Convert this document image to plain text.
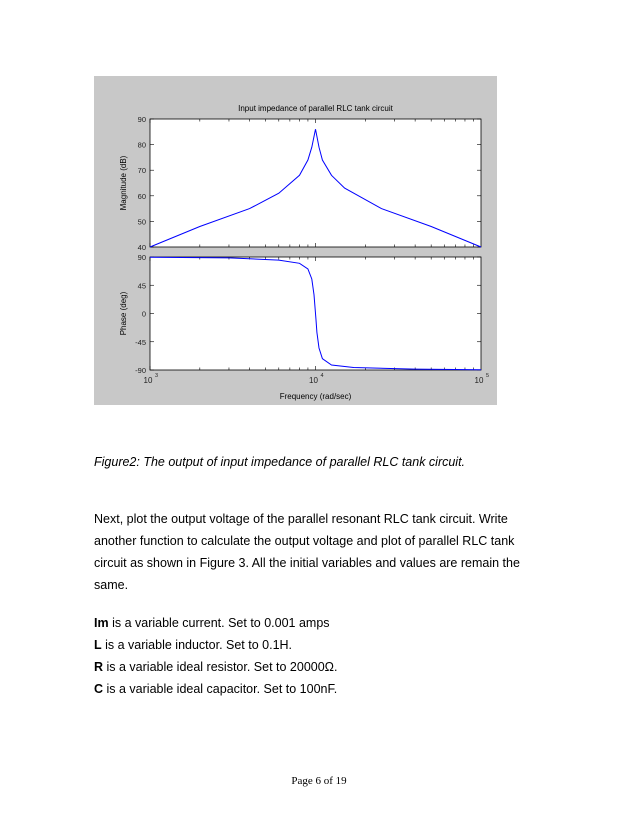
Input impedance of parallel RLC tank circuit
40
50
60
70
80
90
Magnitude (dB)
-90
-45
0
45
90
Phase (deg)
10 3	10 4	10 5
Frequency (rad/sec)
Figure2: The output of input impedance of parallel RLC tank circuit.

Next, plot the output voltage of the parallel resonant RLC tank circuit. Write another function to calculate the output voltage and plot of parallel RLC tank circuit as shown in Figure 3. All the initial variables and values are remain the same.

Im is a variable current. Set to 0.001 amps
L is a variable inductor. Set to 0.1H.
R is a variable ideal resistor. Set to 20000Ω.
C is a variable ideal capacitor. Set to 100nF.
Page 6 of 19
